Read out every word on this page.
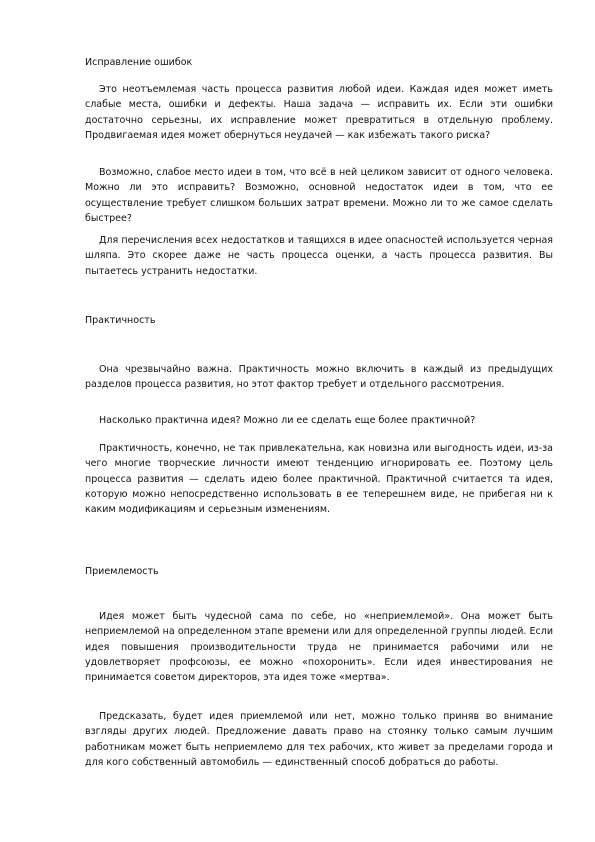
Исправление ошибок

Это неотъемлемая часть процесса развития любой идеи. Каждая идея может иметь слабые места, ошибки и дефекты. Наша задача — исправить их. Если эти ошибки достаточно серьезны, их исправление может превратиться в отдельную проблему. Продвигаемая идея может обернуться неудачей — как избежать такого риска?

Возможно, слабое место идеи в том, что всё в ней целиком зависит от одного человека. Можно ли это исправить? Возможно, основной недостаток идеи в том, что ее осуществление требует слишком больших затрат времени. Можно ли то же самое сделать быстрее?

Для перечисления всех недостатков и таящихся в идее опасностей используется черная шляпа. Это скорее даже не часть процесса оценки, а часть процесса развития. Вы пытаетесь устранить недостатки.

Практичность

Она чрезвычайно важна. Практичность можно включить в каждый из предыдущих разделов процесса развития, но этот фактор требует и отдельного рассмотрения.

Насколько практична идея? Можно ли ее сделать еще более практичной?

Практичность, конечно, не так привлекательна, как новизна или выгодность идеи, из-за чего многие творческие личности имеют тенденцию игнорировать ее. Поэтому цель процесса развития — сделать идею более практичной. Практичной считается та идея, которую можно непосредственно использовать в ее теперешнем виде, не прибегая ни к каким модификациям и серьезным изменениям.

Приемлемость

Идея может быть чудесной сама по себе, но «неприемлемой». Она может быть неприемлемой на определенном этапе времени или для определенной группы людей. Если идея повышения производительности труда не принимается рабочими или не удовлетворяет профсоюзы, ее можно «похоронить». Если идея инвестирования не принимается советом директоров, эта идея тоже «мертва».

Предсказать, будет идея приемлемой или нет, можно только приняв во внимание взгляды других людей. Предложение давать право на стоянку только самым лучшим работникам может быть неприемлемо для тех рабочих, кто живет за пределами города и для кого собственный автомобиль — единственный способ добраться до работы.
